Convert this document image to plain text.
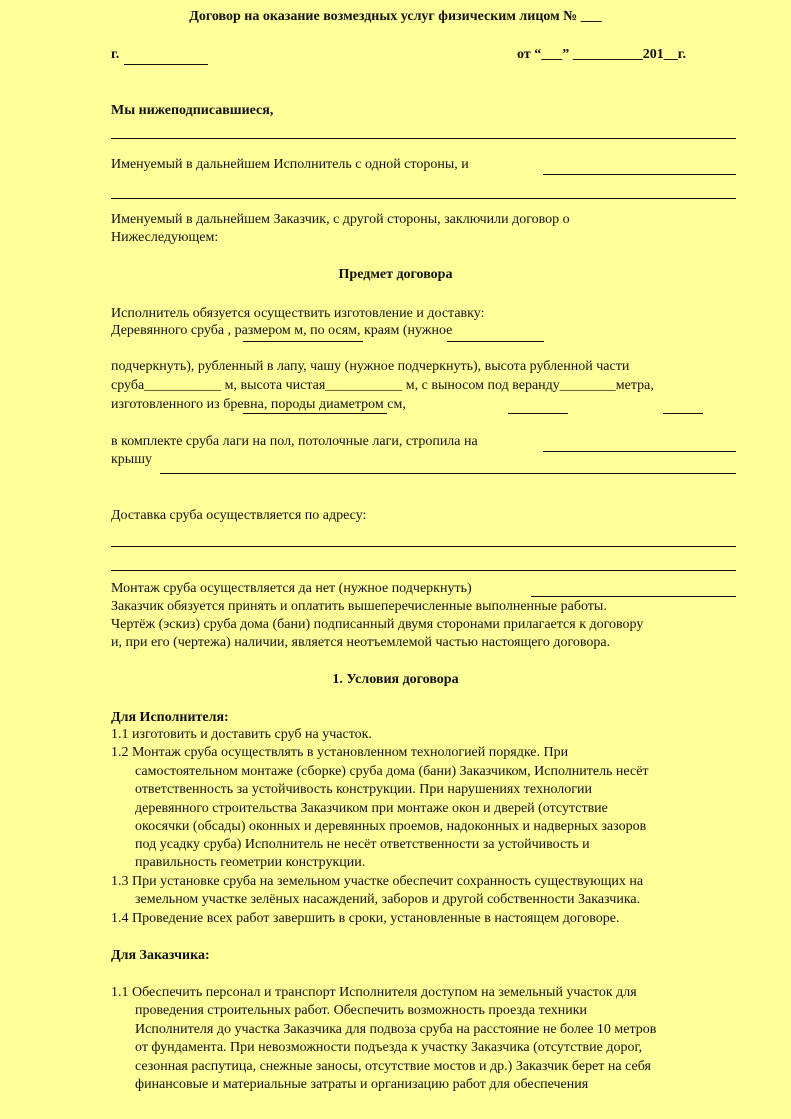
Договор на оказание возмездных услуг физическим лицом № ___
г.	от “___” __________201__г.
Мы нижеподписавшиеся,
Именуемый в дальнейшем Исполнитель с одной стороны, и
Именуемый в дальнейшем Заказчик, с другой стороны, заключили договор о
Нижеследующем:
Предмет договора
Исполнитель обязуется осуществить изготовление и доставку:
Деревянного сруба , размером м, по осям, краям (нужное
подчеркнуть), рубленный в лапу, чашу (нужное подчеркнуть), высота рубленной части
сруба___________ м, высота чистая___________ м, с выносом под веранду________метра,
изготовленного из бревна, породы диаметром см,
в комплекте сруба лаги на пол, потолочные лаги, стропила на
крышу
Доставка сруба осуществляется по адресу:
Монтаж сруба осуществляется да нет (нужное подчеркнуть)
Заказчик обязуется принять и оплатить вышеперечисленные выполненные работы.
Чертёж (эскиз) сруба дома (бани) подписанный двумя сторонами прилагается к договору
и, при его (чертежа) наличии, является неотъемлемой частью настоящего договора.
1. Условия договора
Для Исполнителя:
1.1 изготовить и доставить сруб на участок.
1.2 Монтаж сруба осуществлять в установленном технологией порядке. При
самостоятельном монтаже (сборке) сруба дома (бани) Заказчиком, Исполнитель несёт
ответственность за устойчивость конструкции. При нарушениях технологии
деревянного строительства Заказчиком при монтаже окон и дверей (отсутствие
окосячки (обсады) оконных и деревянных проемов, надоконных и надверных зазоров
под усадку сруба) Исполнитель не несёт ответственности за устойчивость и
правильность геометрии конструкции.
1.3 При установке сруба на земельном участке обеспечит сохранность существующих на
земельном участке зелёных насаждений, заборов и другой собственности Заказчика.
1.4 Проведение всех работ завершить в сроки, установленные в настоящем договоре.
Для Заказчика:
1.1 Обеспечить персонал и транспорт Исполнителя доступом на земельный участок для
проведения строительных работ. Обеспечить возможность проезда техники
Исполнителя до участка Заказчика для подвоза сруба на расстояние не более 10 метров
от фундамента. При невозможности подъезда к участку Заказчика (отсутствие дорог,
сезонная распутица, снежные заносы, отсутствие мостов и др.) Заказчик берет на себя
финансовые и материальные затраты и организацию работ для обеспечения
